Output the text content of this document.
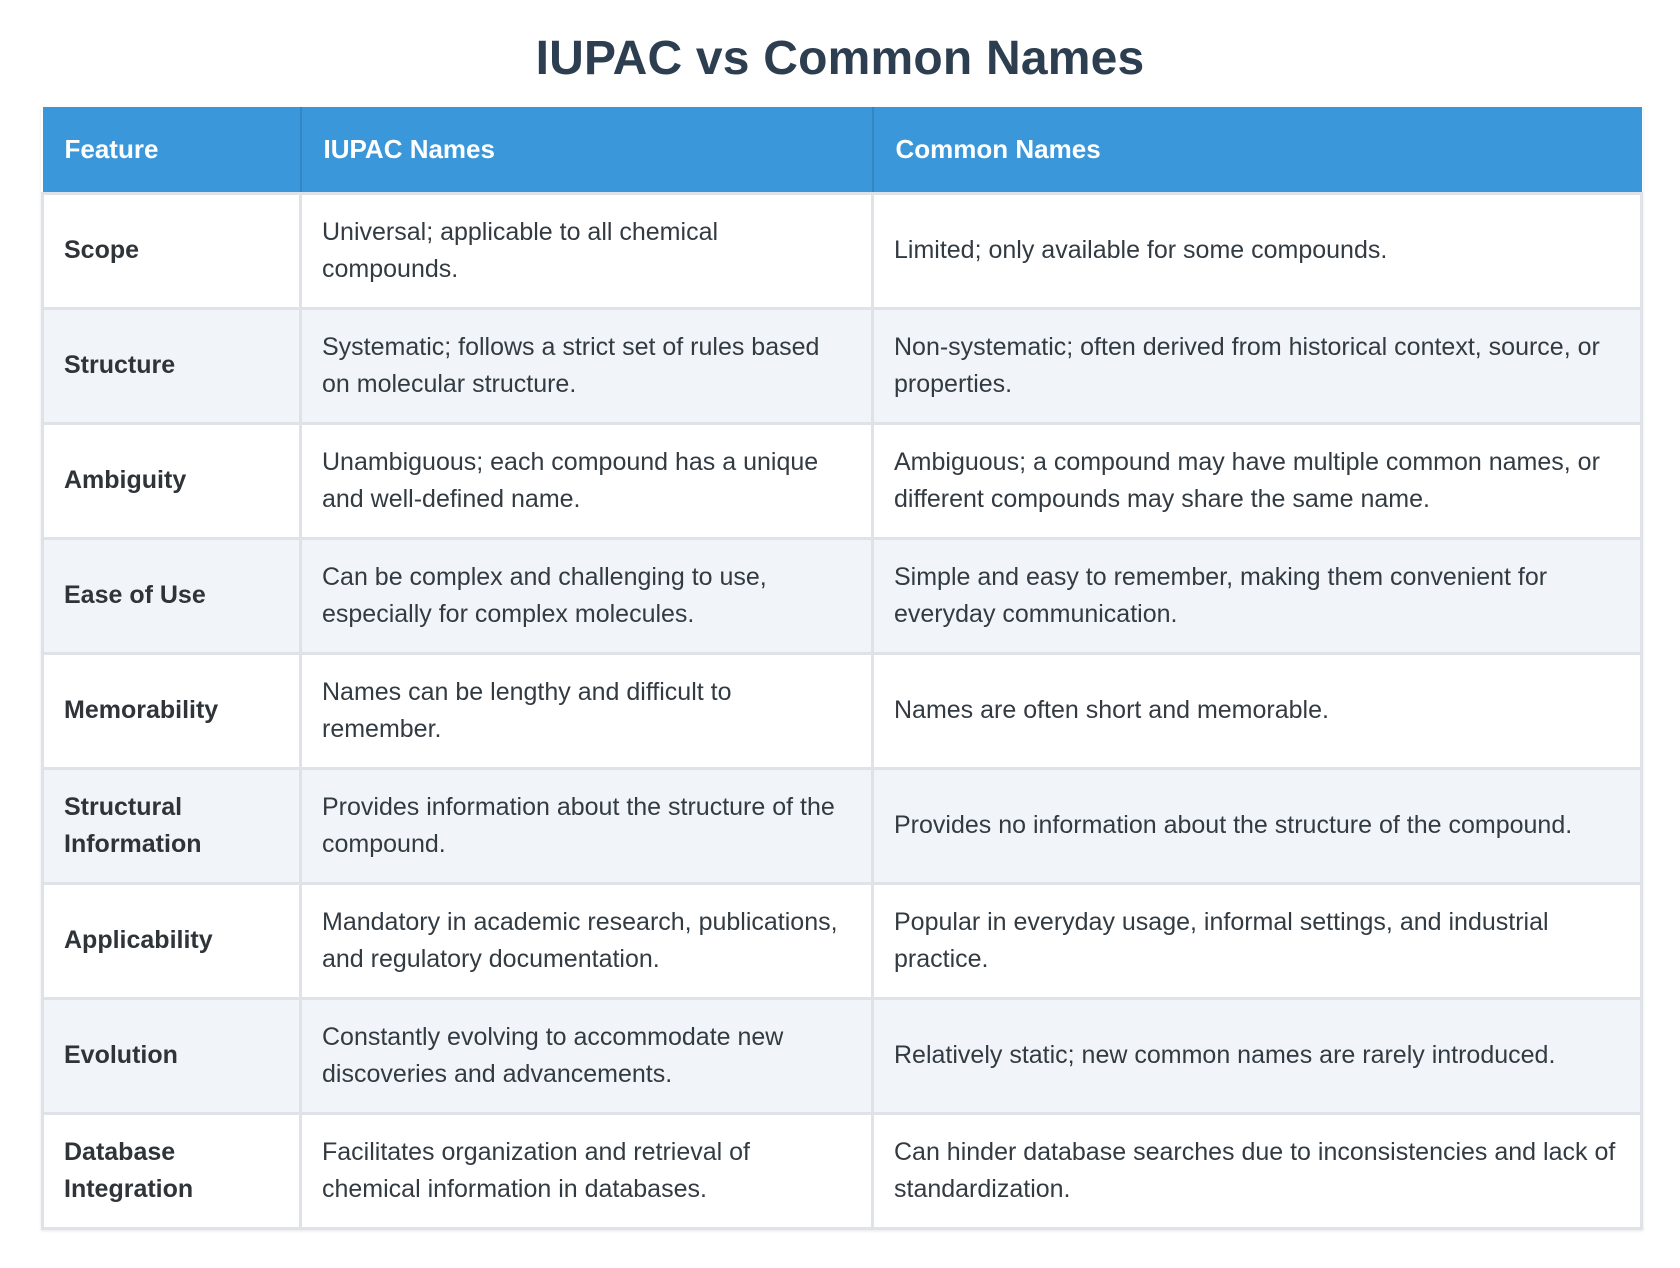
IUPAC vs Common Names
Feature	IUPAC Names	Common Names
Scope	Universal; applicable to all chemical compounds.	Limited; only available for some compounds.
Structure	Systematic; follows a strict set of rules based on molecular structure.	Non-systematic; often derived from historical context, source, or properties.
Ambiguity	Unambiguous; each compound has a unique and well-defined name.	Ambiguous; a compound may have multiple common names, or different compounds may share the same name.
Ease of Use	Can be complex and challenging to use, especially for complex molecules.	Simple and easy to remember, making them convenient for everyday communication.
Memorability	Names can be lengthy and difficult to remember.	Names are often short and memorable.
Structural Information	Provides information about the structure of the compound.	Provides no information about the structure of the compound.
Applicability	Mandatory in academic research, publications, and regulatory documentation.	Popular in everyday usage, informal settings, and industrial practice.
Evolution	Constantly evolving to accommodate new discoveries and advancements.	Relatively static; new common names are rarely introduced.
Database Integration	Facilitates organization and retrieval of chemical information in databases.	Can hinder database searches due to inconsistencies and lack of standardization.
